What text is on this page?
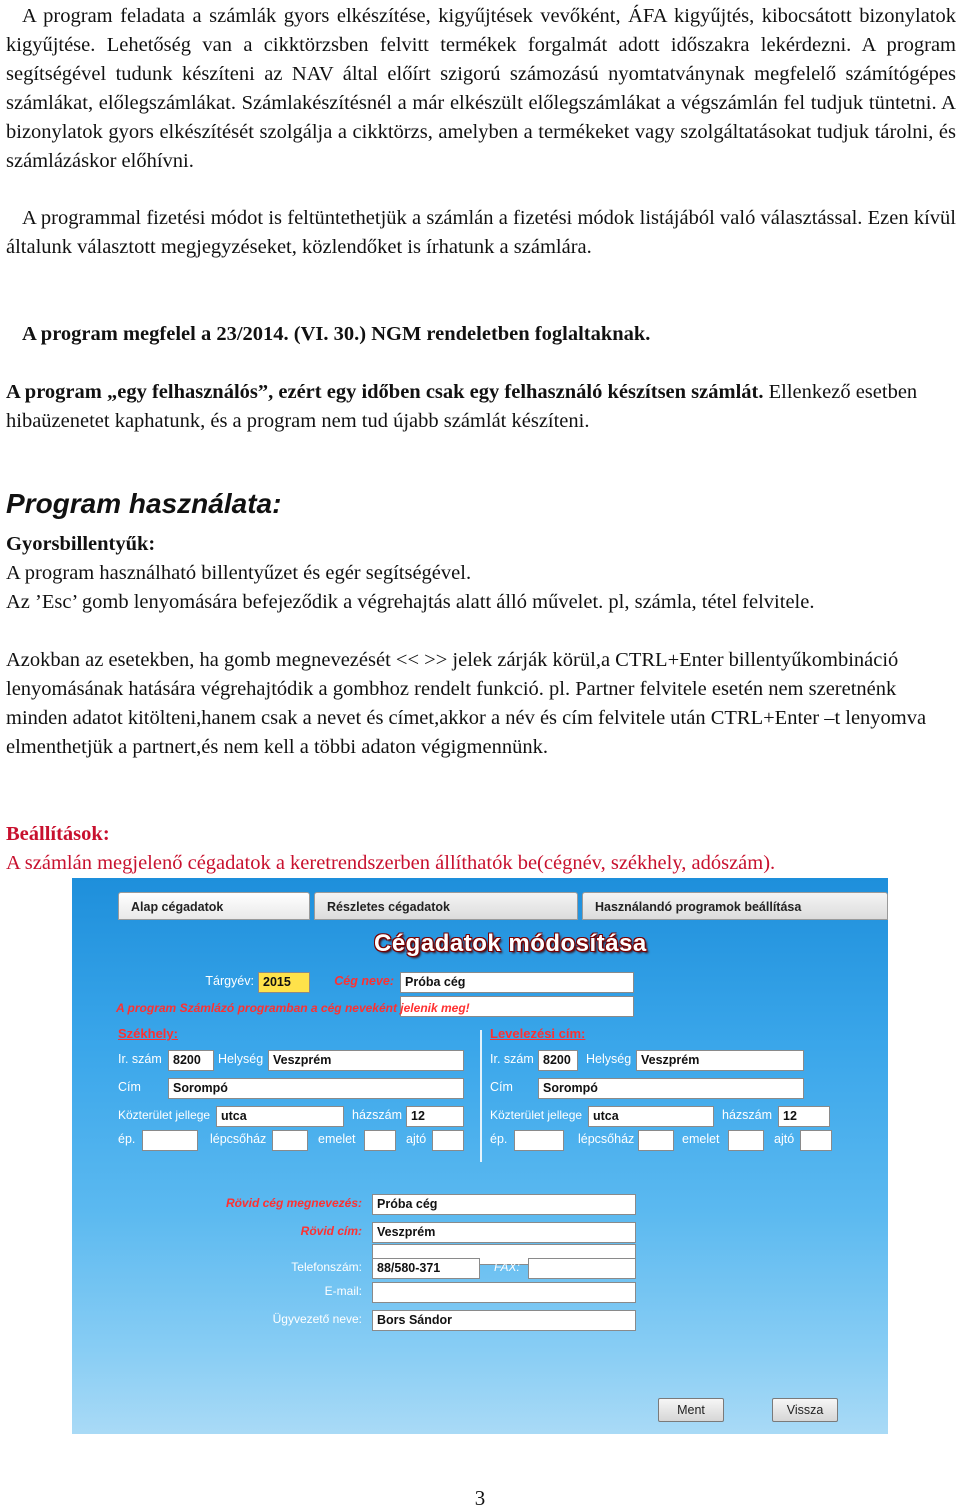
A program feladata a számlák gyors elkészítése, kigyűjtések vevőként, ÁFA kigyűjtés, kibocsátott bizonylatok kigyűjtése. Lehetőség van a cikktörzsben felvitt termékek forgalmát adott időszakra lekérdezni. A program segítségével tudunk készíteni az NAV által előírt szigorú számozású nyomtatványnak megfelelő számítógépes számlákat, előlegszámlákat. Számlakészítésnél a már elkészült előlegszámlákat a végszámlán fel tudjuk tüntetni. A bizonylatok gyors elkészítését szolgálja a cikktörzs, amelyben a termékeket vagy szolgáltatásokat tudjuk tárolni, és számlázáskor előhívni.

A programmal fizetési módot is feltüntethetjük a számlán a fizetési módok listájából való választással. Ezen kívül általunk választott megjegyzéseket, közlendőket is írhatunk a számlára.

A program megfelel a 23/2014. (VI. 30.) NGM rendeletben foglaltaknak.

A program „egy felhasználós”, ezért egy időben csak egy felhasználó készítsen számlát. Ellenkező esetben hibaüzenetet kaphatunk, és a program nem tud újabb számlát készíteni.

Program használata:

Gyorsbillentyűk:

A program használható billentyűzet és egér segítségével.

Az ’Esc’ gomb lenyomására befejeződik a végrehajtás alatt álló művelet. pl, számla, tétel felvitele.

Azokban az esetekben, ha gomb megnevezését << >> jelek zárják körül,a CTRL+Enter billentyűkombináció lenyomásának hatására végrehajtódik a gombhoz rendelt funkció. pl. Partner felvitele esetén nem szeretnénk minden adatot kitölteni,hanem csak a nevet és címet,akkor a név és cím felvitele után CTRL+Enter –t lenyomva elmenthetjük a partnert,és nem kell a többi adaton végigmennünk.

Beállítások:

A számlán megjelenő cégadatok a keretrendszerben állíthatók be(cégnév, székhely, adószám).

Alap cégadatok	Részletes cégadatok	Használandó programok beállítása
Cégadatok módosítása
Tárgyév: 2015	Cég neve: Próba cég
A program Számlázó programban a cég neveként jelenik meg!
Székhely:	Levelezési cím:
Ir. szám 8200	Helység Veszprém
Cím	Sorompó
Közterület jellege utca	házszám 12
ép.	lépcsőház	emelet	ajtó
Ir. szám 8200	Helység Veszprém
Cím	Sorompó
Közterület jellege utca	házszám 12
ép.	lépcsőház	emelet	ajtó
Rövid cég megnevezés:	Próba cég
Rövid cím:	Veszprém
Telefonszám:	88/580-371	FAX:
E-mail:
Ügyvezető neve:	Bors Sándor
Ment	Vissza
3
